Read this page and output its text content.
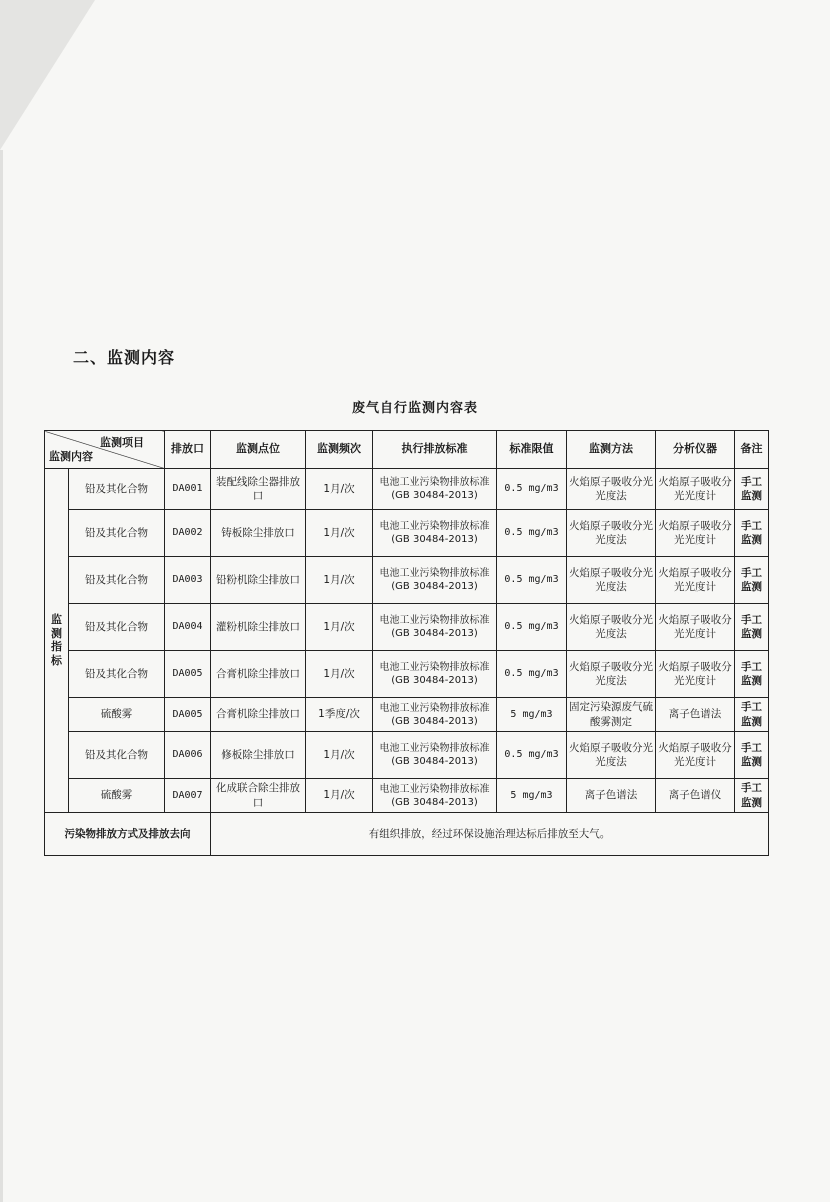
二、监测内容
废气自行监测内容表
监测项目
监测内容		排放口	监测点位	监测频次	执行排放标准	标准限值	监测方法	分析仪器	备注
监测指标	铅及其化合物	DA001	装配线除尘器排放口	1月/次	电池工业污染物排放标准(GB 30484-2013)	0.5 mg/m3	火焰原子吸收分光光度法	火焰原子吸收分光光度计	手工监测
	铅及其化合物	DA002	铸板除尘排放口	1月/次	电池工业污染物排放标准(GB 30484-2013)	0.5 mg/m3	火焰原子吸收分光光度法	火焰原子吸收分光光度计	手工监测
	铅及其化合物	DA003	铅粉机除尘排放口	1月/次	电池工业污染物排放标准(GB 30484-2013)	0.5 mg/m3	火焰原子吸收分光光度法	火焰原子吸收分光光度计	手工监测
	铅及其化合物	DA004	灌粉机除尘排放口	1月/次	电池工业污染物排放标准(GB 30484-2013)	0.5 mg/m3	火焰原子吸收分光光度法	火焰原子吸收分光光度计	手工监测
	铅及其化合物	DA005	合膏机除尘排放口	1月/次	电池工业污染物排放标准(GB 30484-2013)	0.5 mg/m3	火焰原子吸收分光光度法	火焰原子吸收分光光度计	手工监测
	硫酸雾	DA005	合膏机除尘排放口	1季度/次	电池工业污染物排放标准(GB 30484-2013)	5 mg/m3	固定污染源废气硫酸雾测定	离子色谱法	手工监测
	铅及其化合物	DA006	修板除尘排放口	1月/次	电池工业污染物排放标准(GB 30484-2013)	0.5 mg/m3	火焰原子吸收分光光度法	火焰原子吸收分光光度计	手工监测
	硫酸雾	DA007	化成联合除尘排放口	1月/次	电池工业污染物排放标准(GB 30484-2013)	5 mg/m3	离子色谱法	离子色谱仪	手工监测
污染物排放方式及排放去向			有组织排放，经过环保设施治理达标后排放至大气。						
